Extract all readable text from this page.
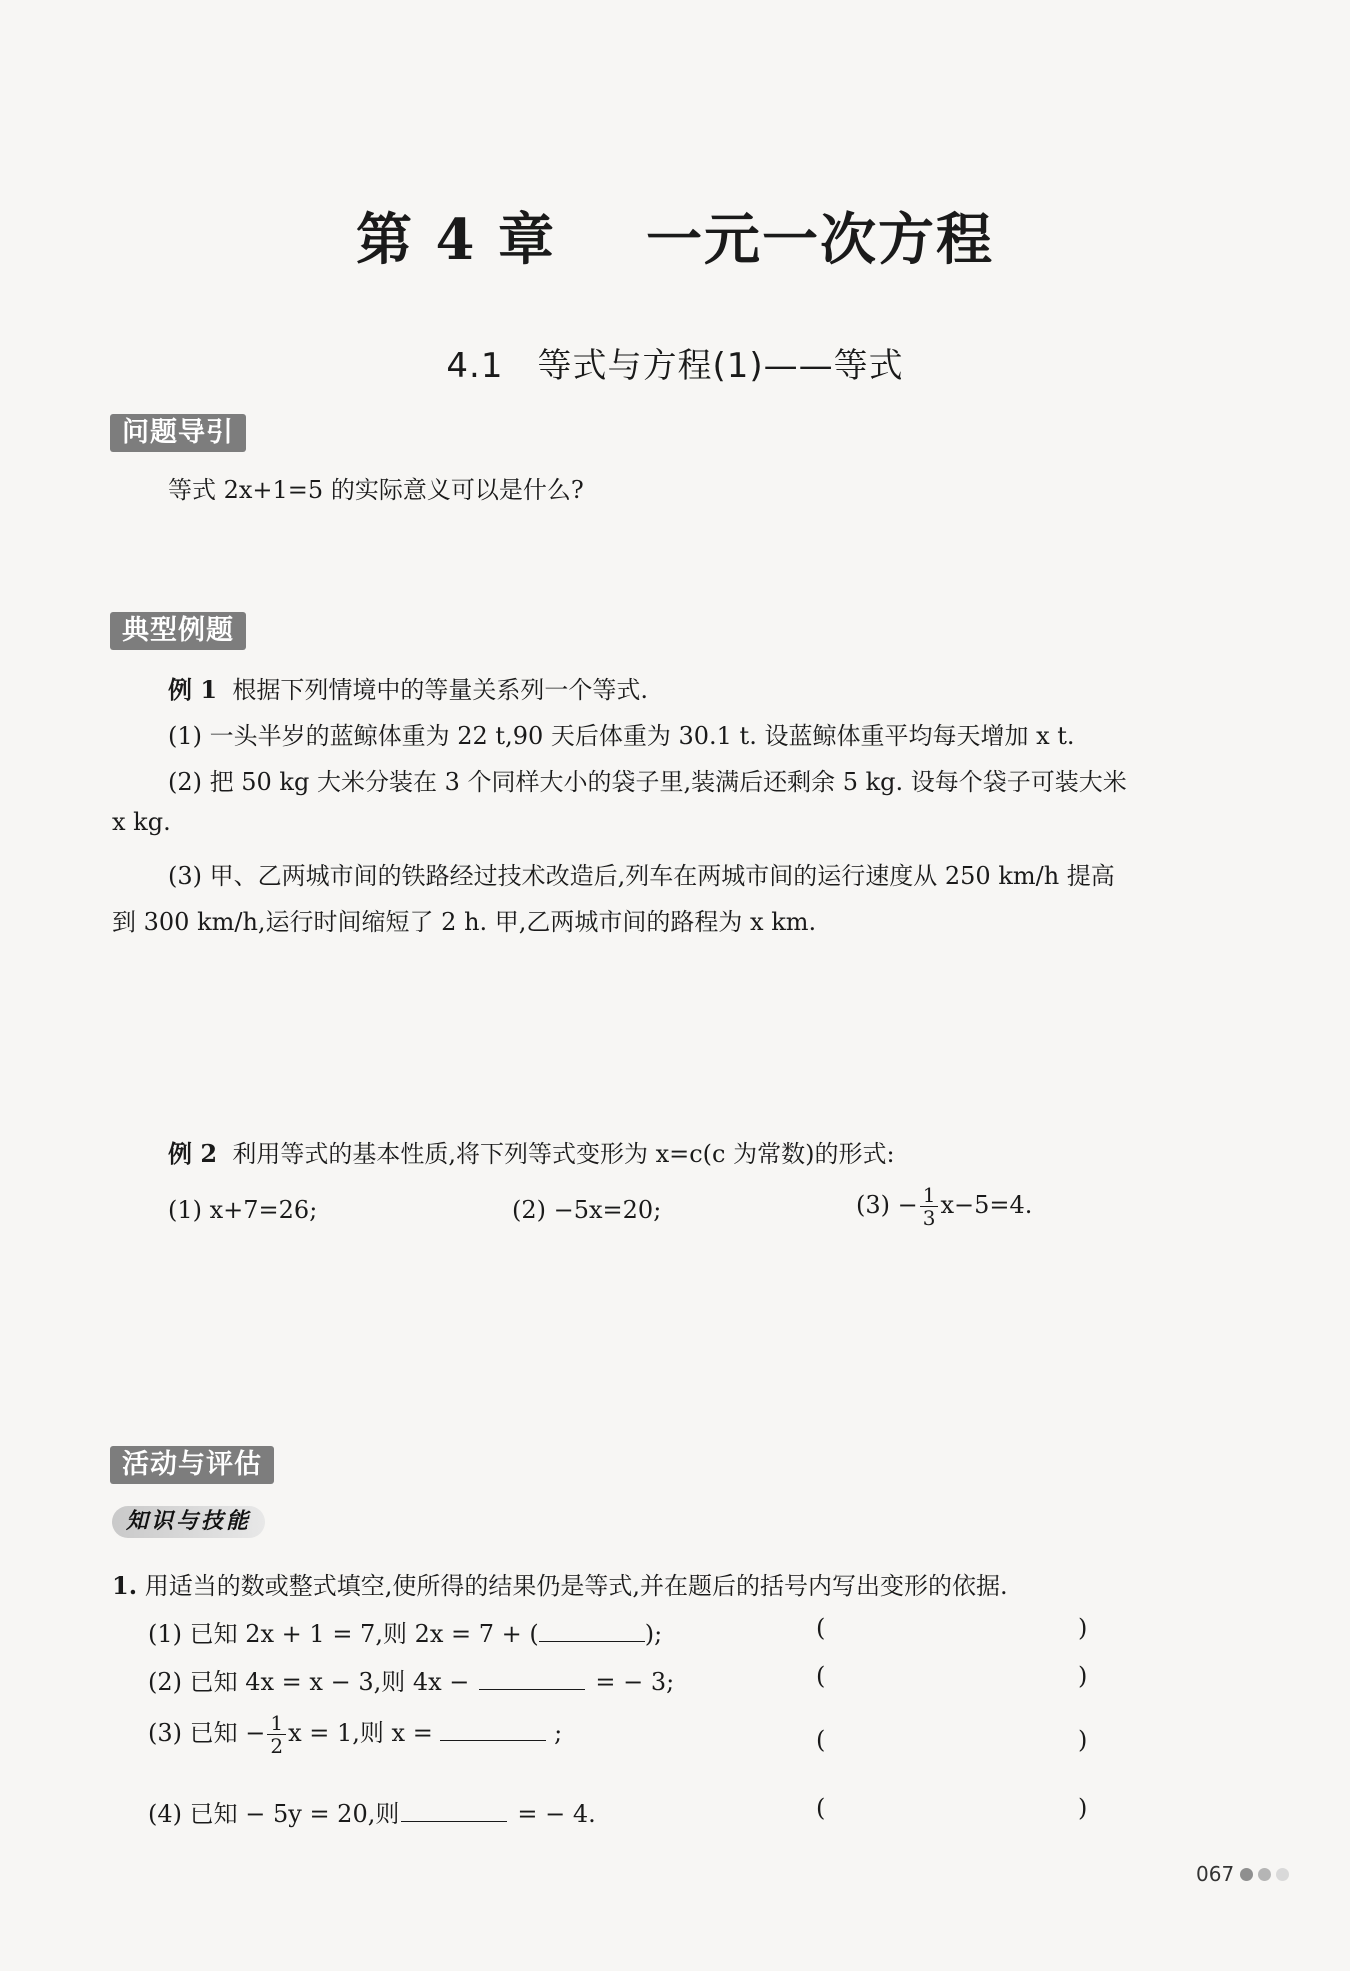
第 4 章 一元一次方程
4.1 等式与方程(1)——等式
问题导引
等式 2x+1=5 的实际意义可以是什么?
典型例题
例 1 根据下列情境中的等量关系列一个等式.
(1) 一头半岁的蓝鲸体重为 22 t,90 天后体重为 30.1 t. 设蓝鲸体重平均每天增加 x t.
(2) 把 50 kg 大米分装在 3 个同样大小的袋子里,装满后还剩余 5 kg. 设每个袋子可装大米
x kg.
(3) 甲、乙两城市间的铁路经过技术改造后,列车在两城市间的运行速度从 250 km/h 提高
到 300 km/h,运行时间缩短了 2 h. 甲,乙两城市间的路程为 x km.
例 2 利用等式的基本性质,将下列等式变形为 x=c(c 为常数)的形式:
(1) x+7=26;	(2) −5x=20;	$(3) - \frac{1}{3} x-5=4$.
活动与评估
知识与技能
1. 用适当的数或整式填空,使所得的结果仍是等式,并在题后的括号内写出变形的依据.
(1) 已知 2x + 1 = 7,则 2x = 7 + (	);	(	)
(2) 已知 4x = x − 3,则 4x −	= − 3;	(	)
(3) 已知 − $\frac{1}{2}$ x = 1,则 x =	;	(	)
(4) 已知 − 5y = 20,则	= − 4.	(	)
067
